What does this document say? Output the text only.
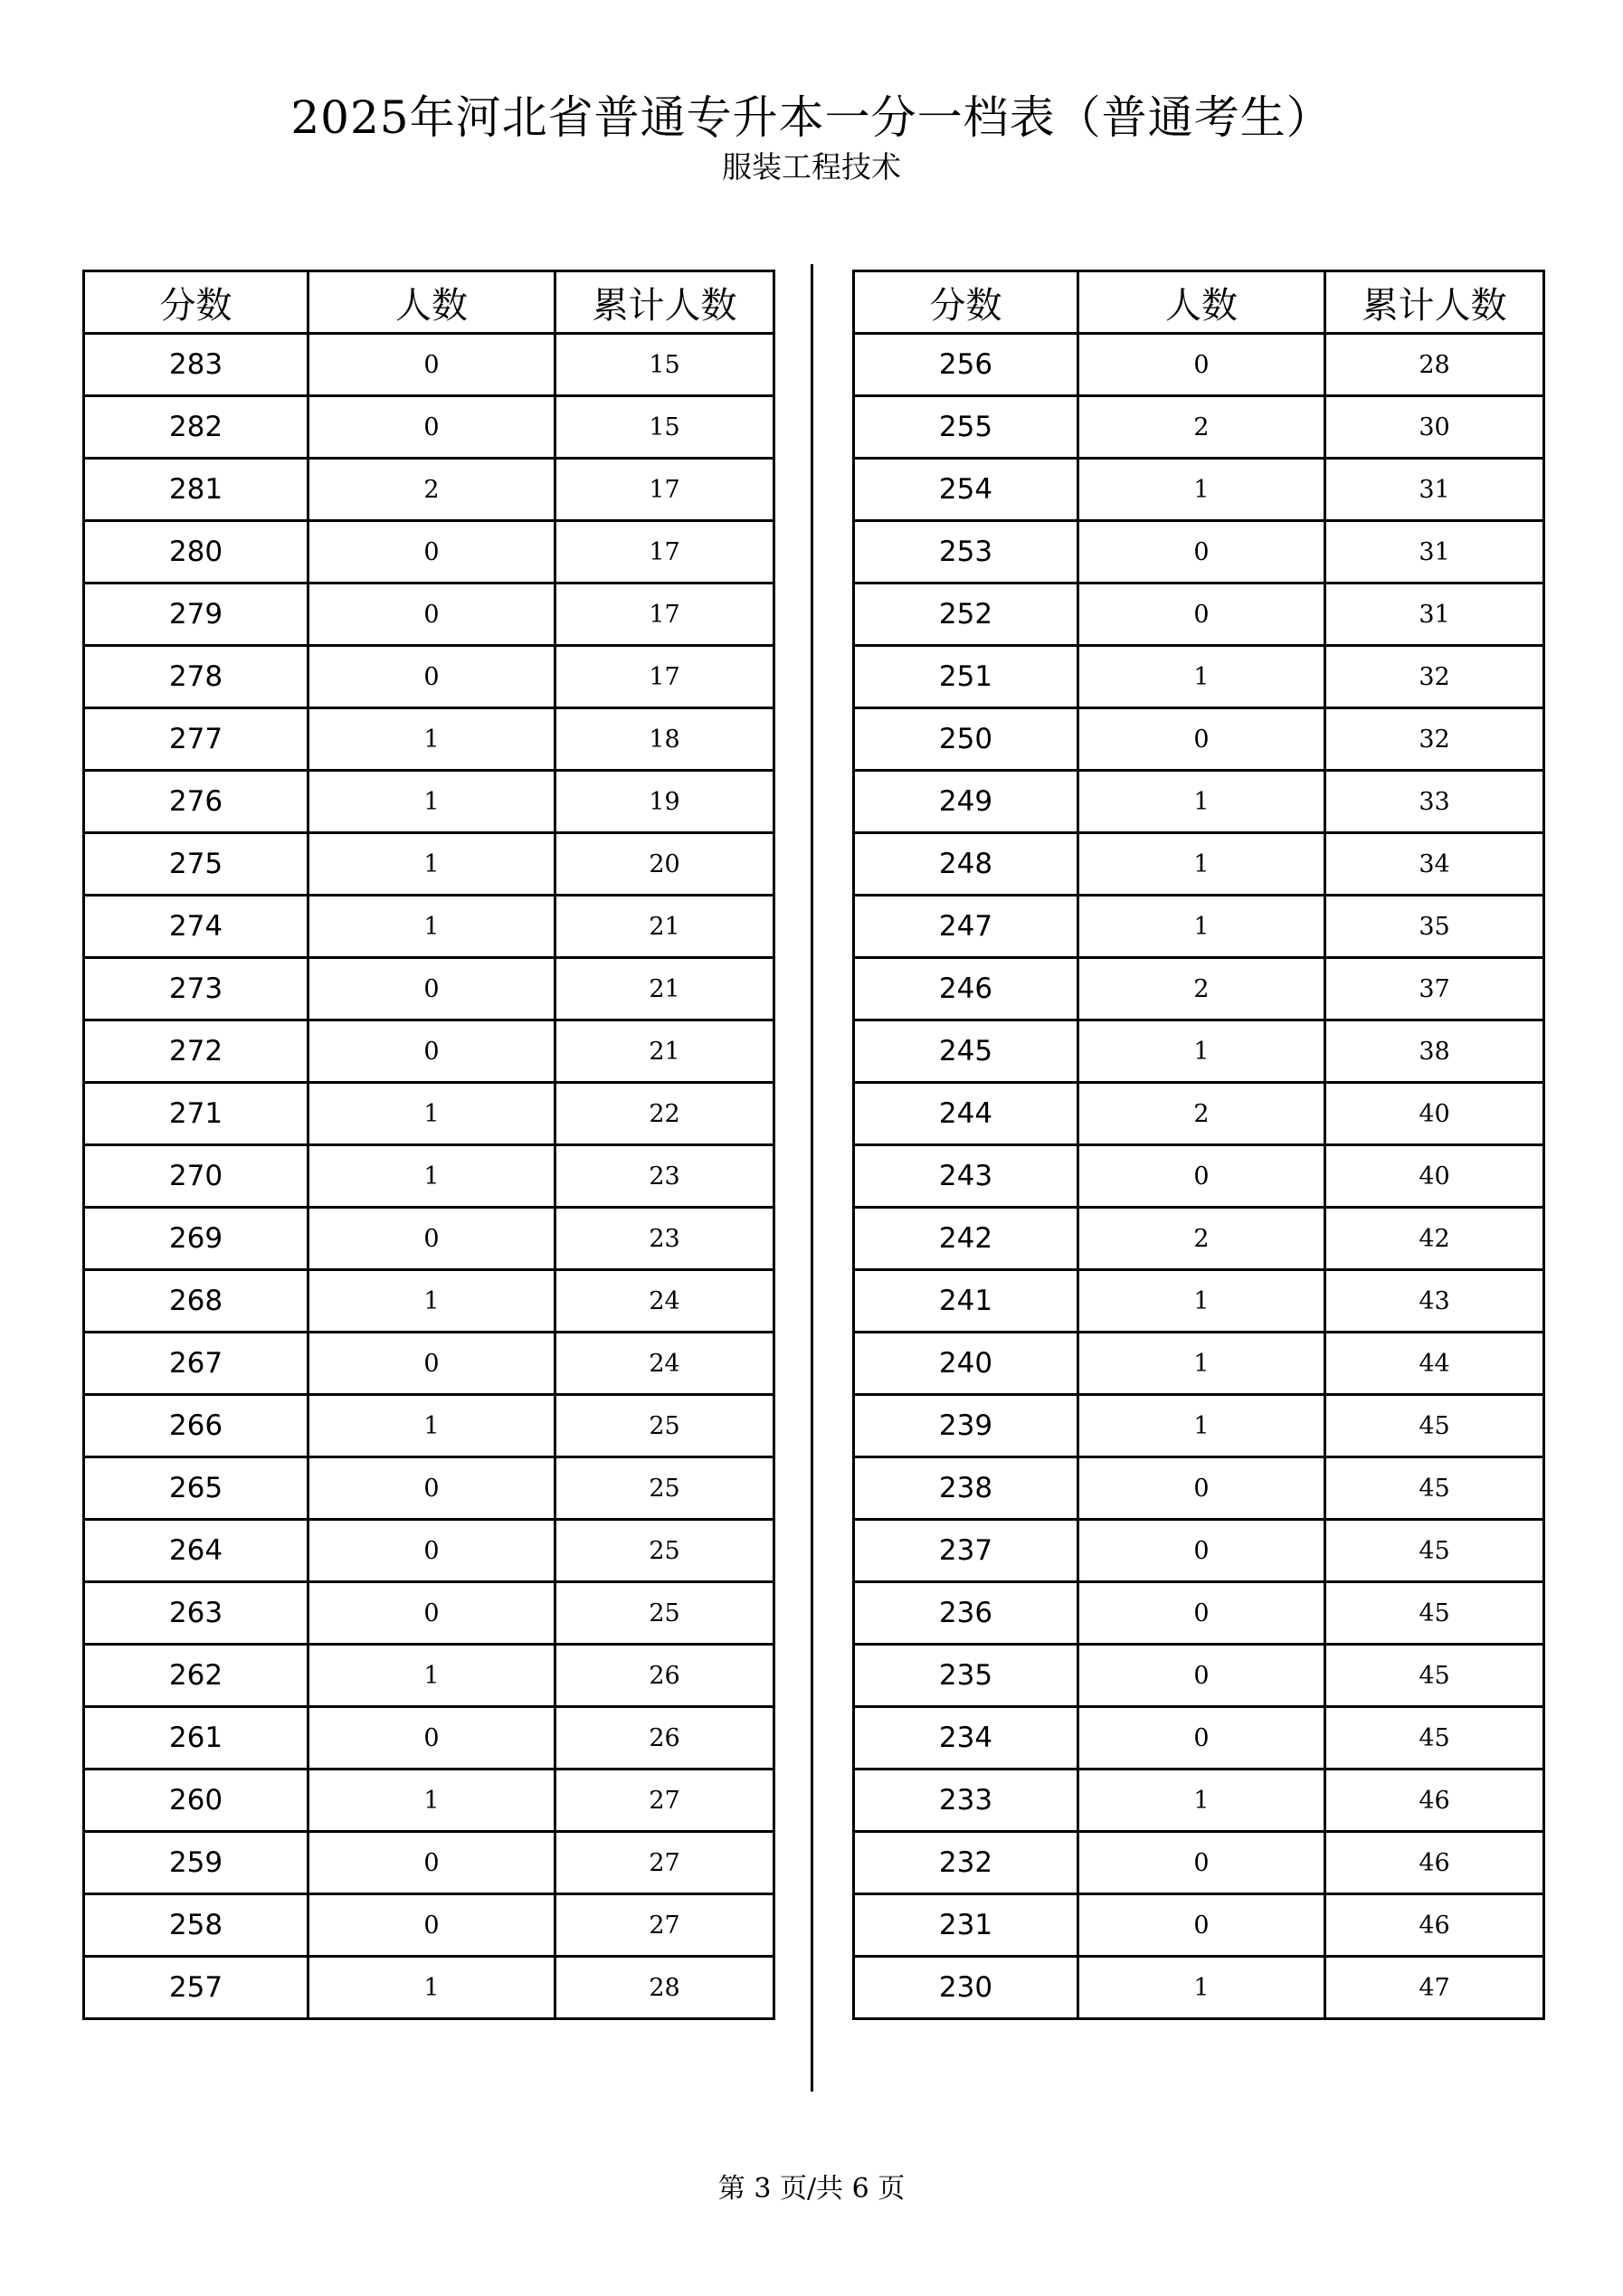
2025年河北省普通专升本一分一档表（普通考生）
服装工程技术
分数	人数	累计人数
283	0	15
282	0	15
281	2	17
280	0	17
279	0	17
278	0	17
277	1	18
276	1	19
275	1	20
274	1	21
273	0	21
272	0	21
271	1	22
270	1	23
269	0	23
268	1	24
267	0	24
266	1	25
265	0	25
264	0	25
263	0	25
262	1	26
261	0	26
260	1	27
259	0	27
258	0	27
257	1	28
分数	人数	累计人数
256	0	28
255	2	30
254	1	31
253	0	31
252	0	31
251	1	32
250	0	32
249	1	33
248	1	34
247	1	35
246	2	37
245	1	38
244	2	40
243	0	40
242	2	42
241	1	43
240	1	44
239	1	45
238	0	45
237	0	45
236	0	45
235	0	45
234	0	45
233	1	46
232	0	46
231	0	46
230	1	47
第 3 页/共 6 页
